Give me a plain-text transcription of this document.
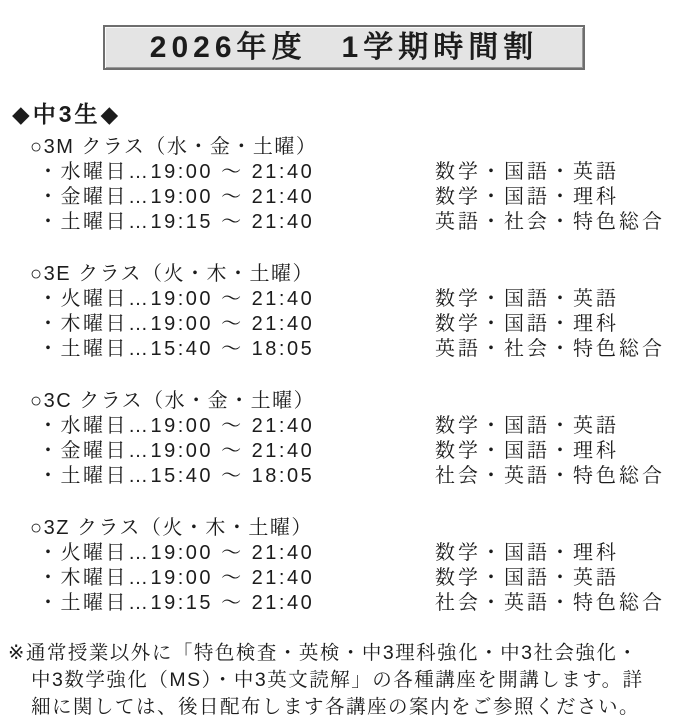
2026年度　1学期時間割
◆中3生◆
○3M クラス（水・金・土曜）
・水曜日…19:00 ～ 21:40	数学・国語・英語
・金曜日…19:00 ～ 21:40	数学・国語・理科
・土曜日…19:15 ～ 21:40	英語・社会・特色総合
○3E クラス（火・木・土曜）
・火曜日…19:00 ～ 21:40	数学・国語・英語
・木曜日…19:00 ～ 21:40	数学・国語・理科
・土曜日…15:40 ～ 18:05	英語・社会・特色総合
○3C クラス（水・金・土曜）
・水曜日…19:00 ～ 21:40	数学・国語・英語
・金曜日…19:00 ～ 21:40	数学・国語・理科
・土曜日…15:40 ～ 18:05	社会・英語・特色総合
○3Z クラス（火・木・土曜）
・火曜日…19:00 ～ 21:40	数学・国語・理科
・木曜日…19:00 ～ 21:40	数学・国語・英語
・土曜日…19:15 ～ 21:40	社会・英語・特色総合
※通常授業以外に「特色検査・英検・中3理科強化・中3社会強化・
中3数学強化（MS）・中3英文読解」の各種講座を開講します。詳
細に関しては、後日配布します各講座の案内をご参照ください。
